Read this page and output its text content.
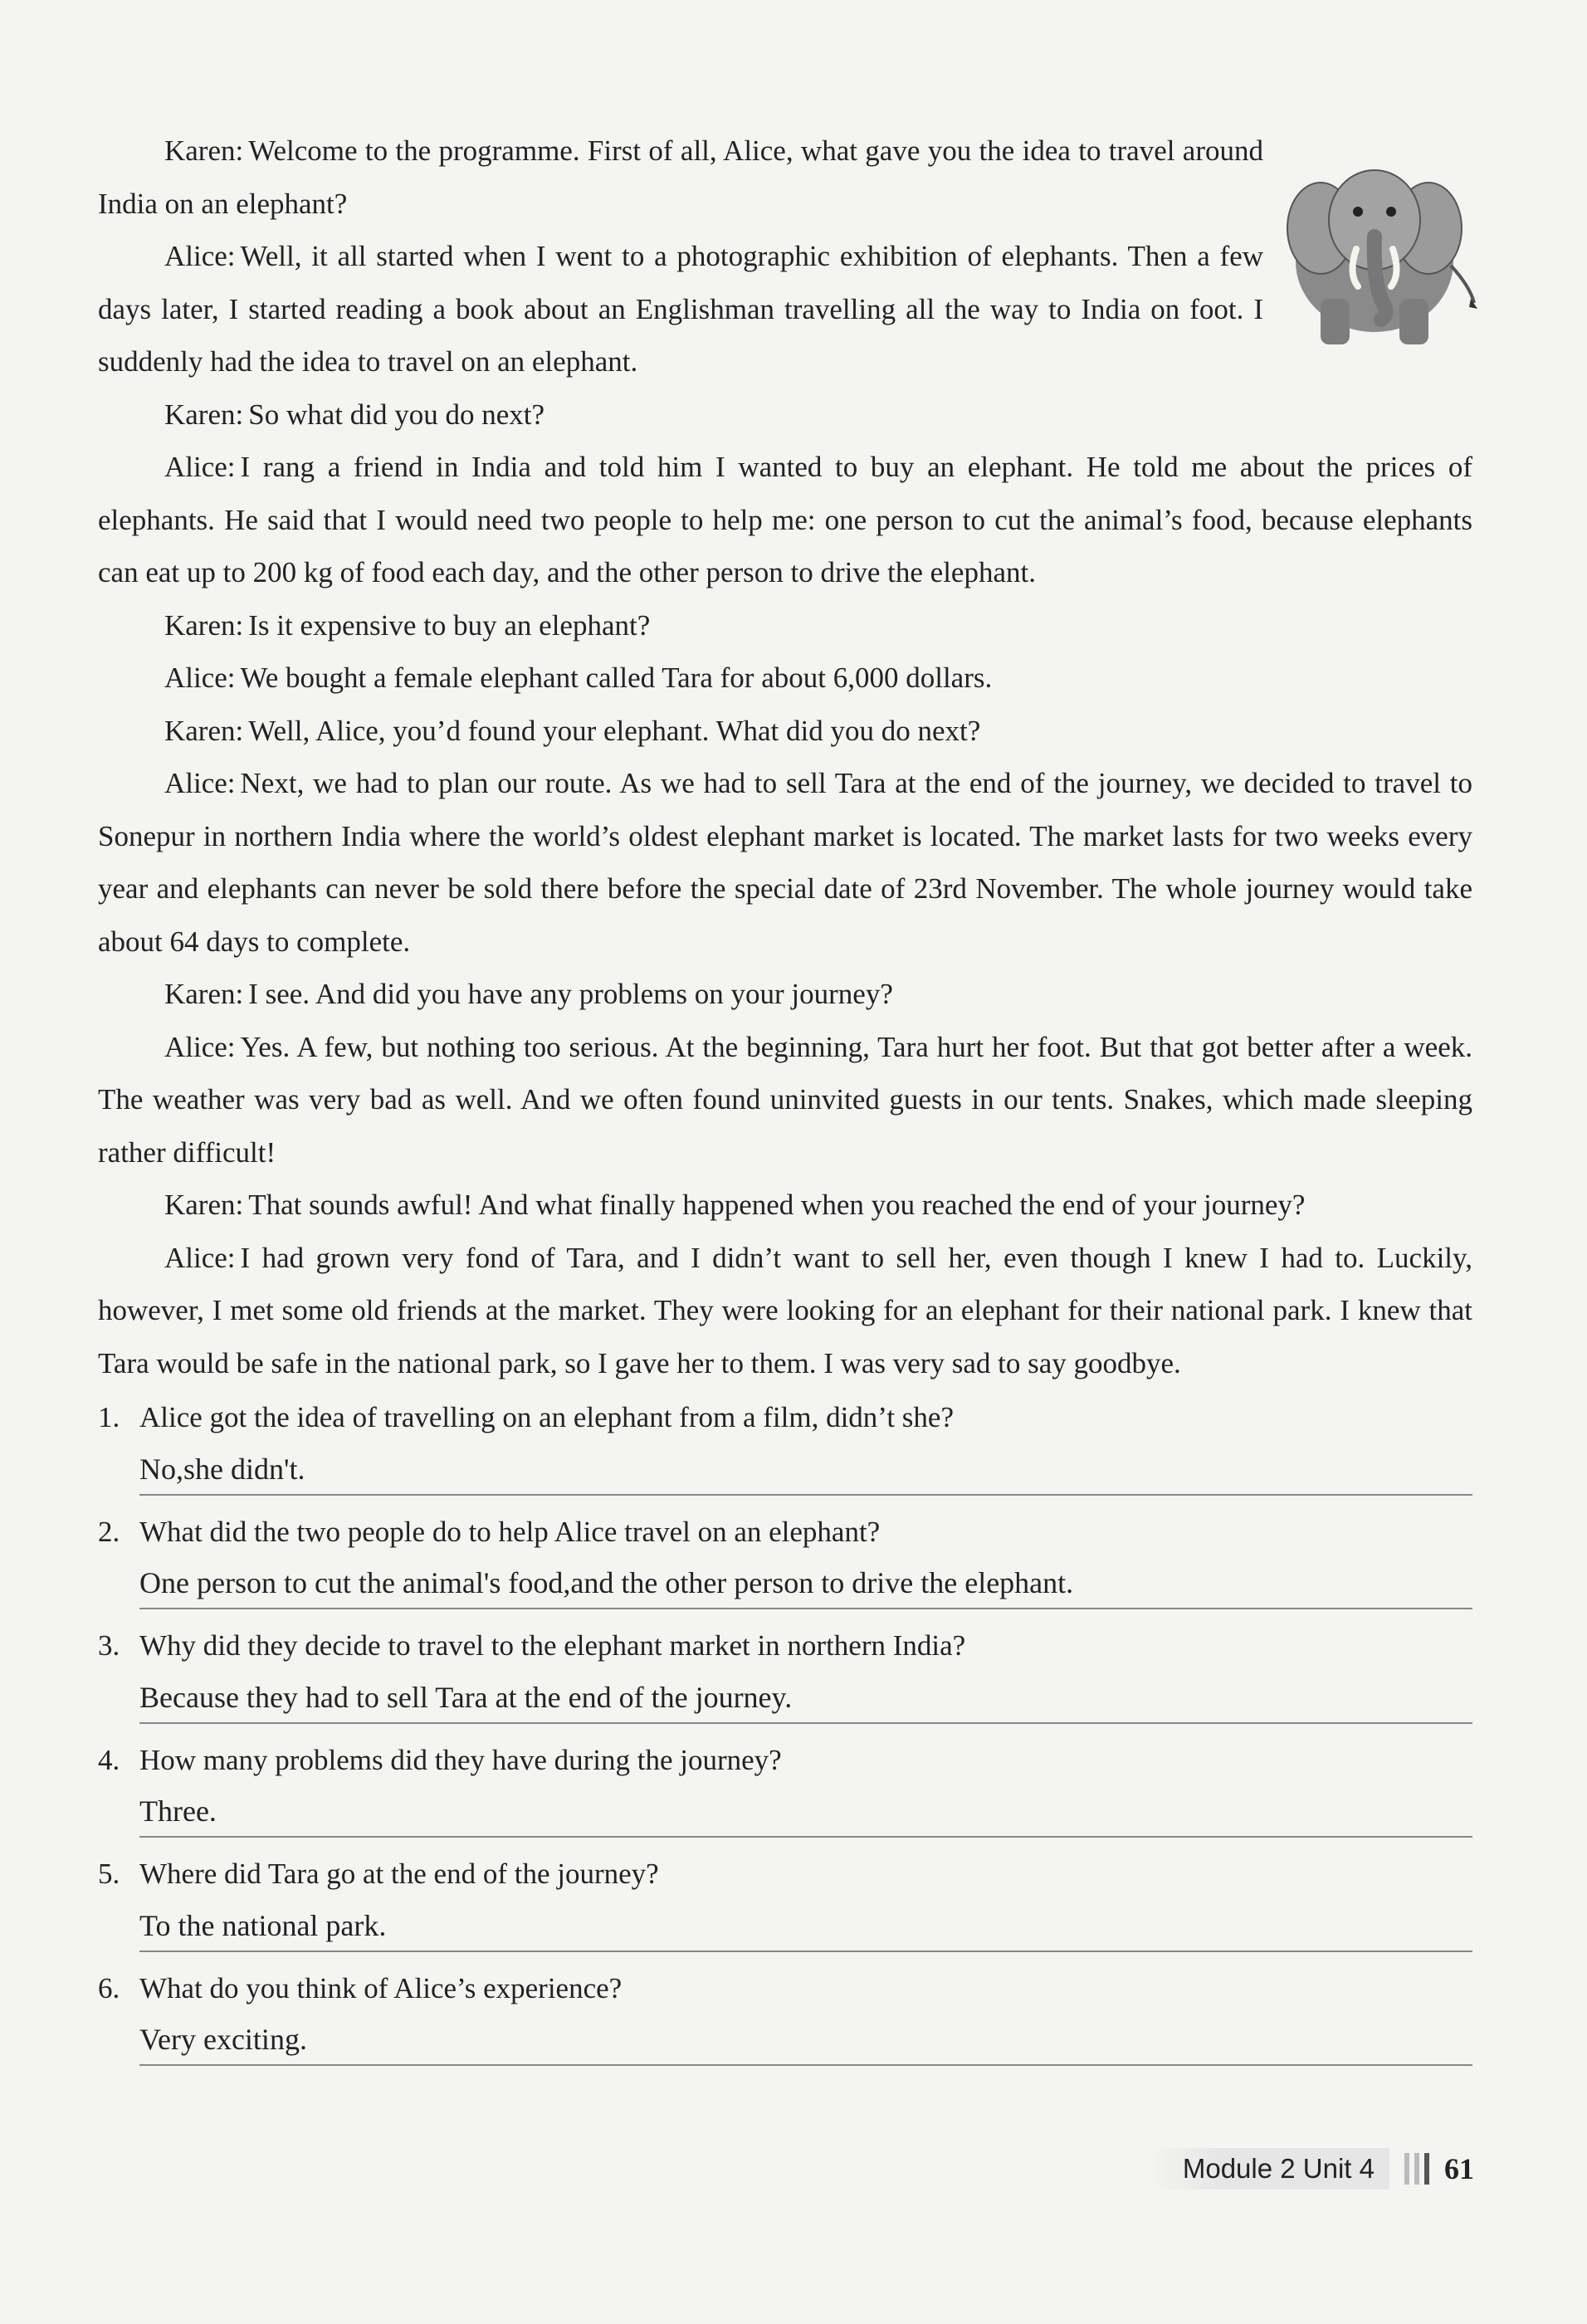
Karen: Welcome to the programme. First of all, Alice, what gave you the idea to travel around India on an elephant?

Alice: Well, it all started when I went to a photographic exhibition of elephants. Then a few days later, I started reading a book about an Englishman travelling all the way to India on foot. I suddenly had the idea to travel on an elephant.

Karen: So what did you do next?

Alice: I rang a friend in India and told him I wanted to buy an elephant. He told me about the prices of elephants. He said that I would need two people to help me: one person to cut the animal’s food, because elephants can eat up to 200 kg of food each day, and the other person to drive the elephant.

Karen: Is it expensive to buy an elephant?

Alice: We bought a female elephant called Tara for about 6,000 dollars.

Karen: Well, Alice, you’d found your elephant. What did you do next?

Alice: Next, we had to plan our route. As we had to sell Tara at the end of the journey, we decided to travel to Sonepur in northern India where the world’s oldest elephant market is located. The market lasts for two weeks every year and elephants can never be sold there before the special date of 23rd November. The whole journey would take about 64 days to complete.

Karen: I see. And did you have any problems on your journey?

Alice: Yes. A few, but nothing too serious. At the beginning, Tara hurt her foot. But that got better after a week. The weather was very bad as well. And we often found uninvited guests in our tents. Snakes, which made sleeping rather difficult!

Karen: That sounds awful! And what finally happened when you reached the end of your journey?

Alice: I had grown very fond of Tara, and I didn’t want to sell her, even though I knew I had to. Luckily, however, I met some old friends at the market. They were looking for an elephant for their national park. I knew that Tara would be safe in the national park, so I gave her to them. I was very sad to say goodbye.

1. Alice got the idea of travelling on an elephant from a film, didn’t she?
No,she didn't.
2. What did the two people do to help Alice travel on an elephant?
One person to cut the animal's food,and the other person to drive the elephant.
3. Why did they decide to travel to the elephant market in northern India?
Because they had to sell Tara at the end of the journey.
4. How many problems did they have during the journey?
Three.
5. Where did Tara go at the end of the journey?
To the national park.
6. What do you think of Alice’s experience?
Very exciting.
Module 2 Unit 4	61
